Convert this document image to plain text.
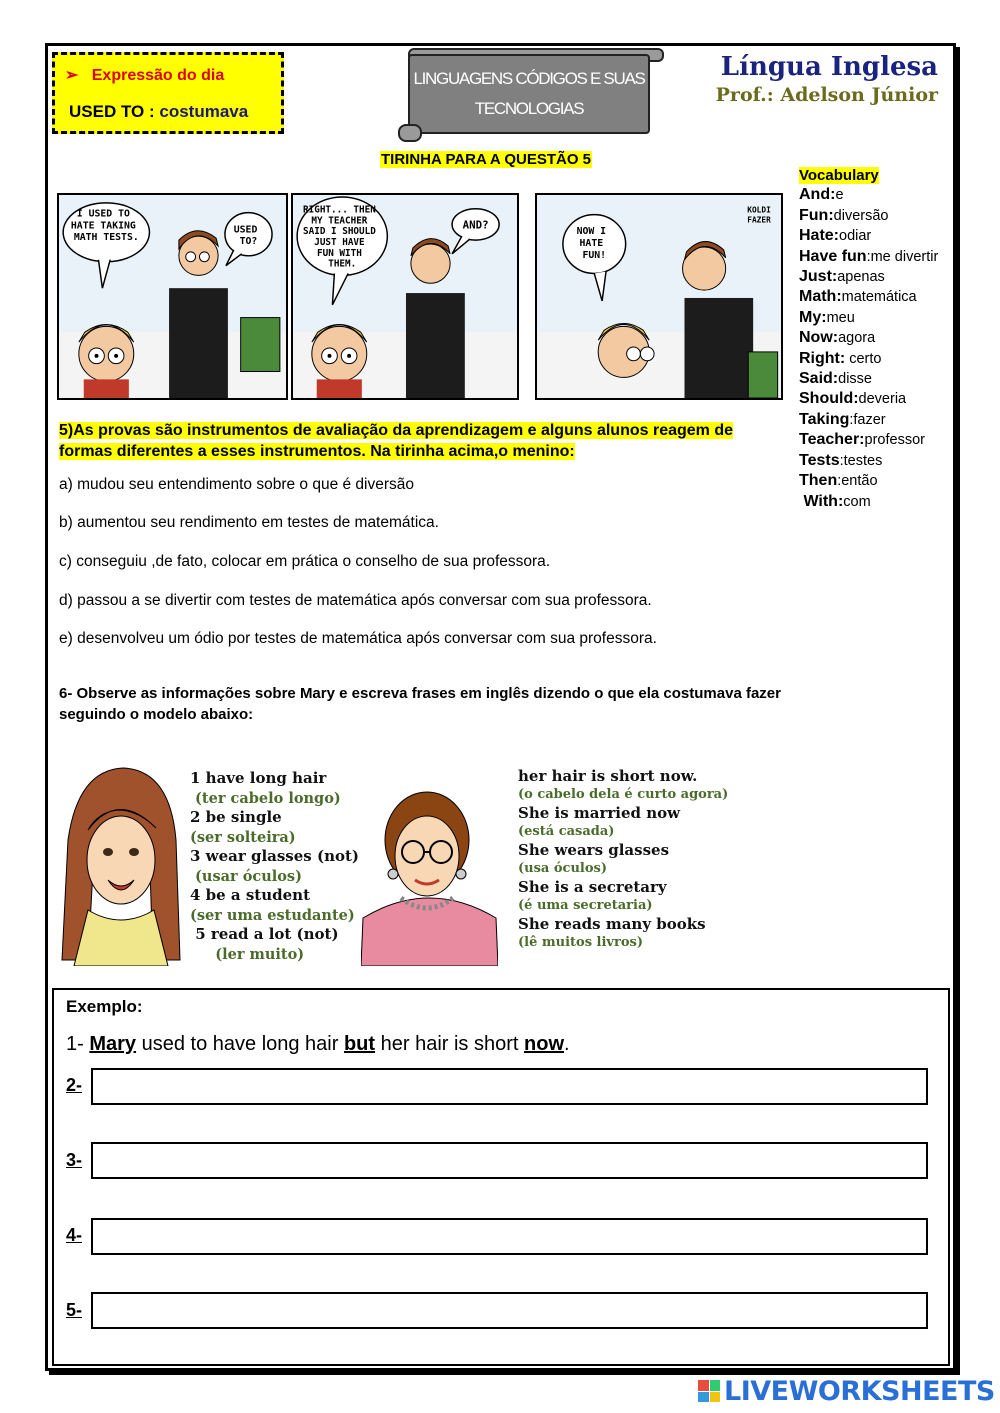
➢   Expressão do dia
USED TO : costumava
LINGUAGENS CÓDIGOS E SUAS
TECNOLOGIAS
Língua Inglesa
Prof.: Adelson Júnior
TIRINHA PARA A QUESTÃO 5
I USED TO HATE TAKING MATH TESTS.
USED TO?
RIGHT... THEN MY TEACHER SAID I SHOULD JUST HAVE FUN WITH THEM.
AND?
NOW I HATE FUN!
KOLDI FAZER
Vocabulary
And:e
Fun:diversão
Hate:odiar
Have fun:me divertir
Just:apenas
Math:matemática
My:meu
Now:agora
Right: certo
Said:disse
Should:deveria
Taking:fazer
Teacher:professor
Tests:testes
Then:então
With:com
5)As provas são instrumentos de avaliação da aprendizagem e alguns alunos reagem de formas diferentes a esses instrumentos. Na tirinha acima,o menino:
a) mudou seu entendimento sobre o que é diversão
b) aumentou seu rendimento em testes de matemática.
c) conseguiu ,de fato, colocar em prática o conselho de sua professora.
d) passou a se divertir com testes de matemática após conversar com sua professora.
e) desenvolveu um ódio por testes de matemática após conversar com sua professora.
6- Observe as informações sobre Mary e escreva frases em inglês dizendo o que ela costumava fazer seguindo o modelo abaixo:
1 have long hair
(ter cabelo longo)
2 be single
(ser solteira)
3 wear glasses (not)
(usar óculos)
4 be a student
(ser uma estudante)
5 read a lot (not)
(ler muito)
her hair is short now.
(o cabelo dela é curto agora)
She is married now
(está casada)
She wears glasses
(usa óculos)
She is a secretary
(é uma secretaria)
She reads many books
(lê muitos livros)
Exemplo:
1- Mary used to have long hair but her hair is short now.
2-
3-
4-
5-
LIVEWORKSHEETS
